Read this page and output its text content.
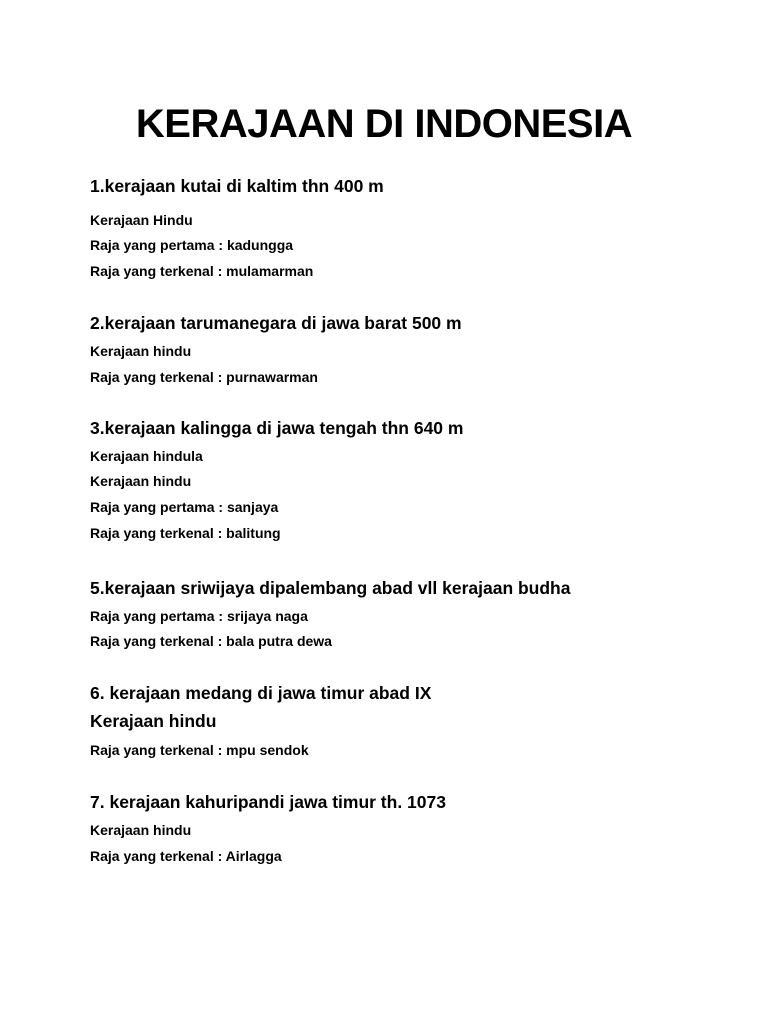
KERAJAAN DI INDONESIA

1.kerajaan kutai di kaltim thn 400 m

Kerajaan Hindu

Raja yang pertama : kadungga

Raja yang terkenal : mulamarman

2.kerajaan tarumanegara di jawa barat 500 m

Kerajaan hindu

Raja yang terkenal : purnawarman

3.kerajaan kalingga di jawa tengah thn 640 m

Kerajaan hindula

Kerajaan hindu

Raja yang pertama : sanjaya

Raja yang terkenal : balitung

5.kerajaan sriwijaya dipalembang abad vll kerajaan budha

Raja yang pertama : srijaya naga

Raja yang terkenal : bala putra dewa

6. kerajaan medang di jawa timur abad IX

Kerajaan hindu

Raja yang terkenal : mpu sendok

7. kerajaan kahuripandi jawa timur th. 1073

Kerajaan hindu

Raja yang terkenal : Airlagga
